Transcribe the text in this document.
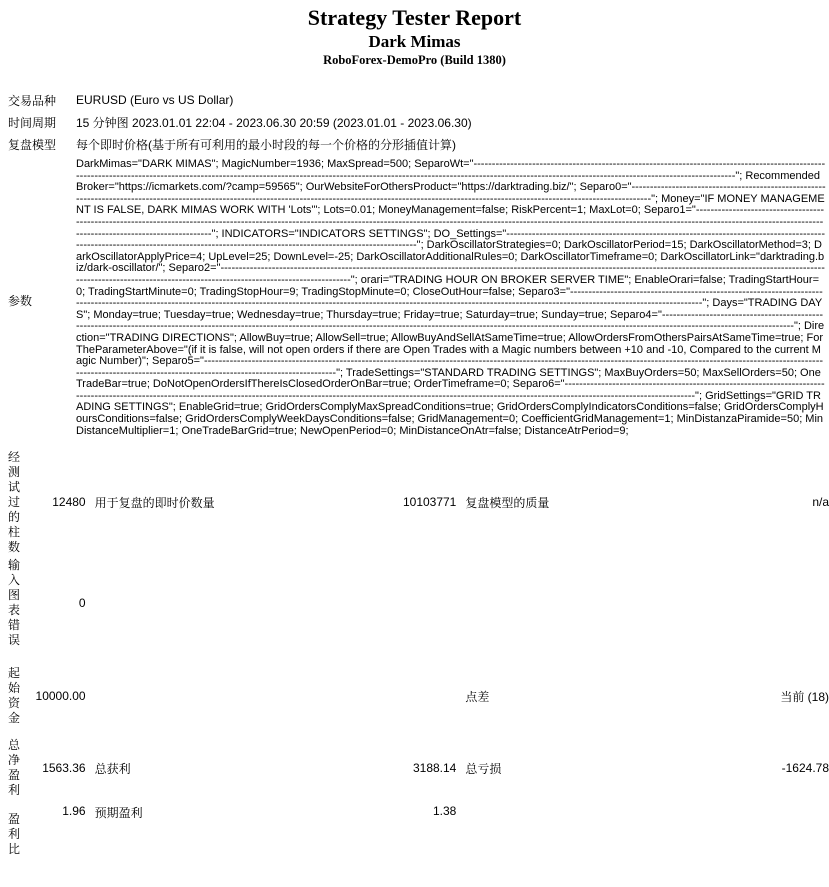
Strategy Tester Report
Dark Mimas
RoboForex-DemoPro (Build 1380)
交易品种	EURUSD (Euro vs US Dollar)
时间周期	15 分钟图 2023.01.01 22:04 - 2023.06.30 20:59 (2023.01.01 - 2023.06.30)
复盘模型	每个即时价格(基于所有可利用的最小时段的每一个价格的分形插值计算)
参数	DarkMimas="DARK MIMAS"; MagicNumber=1936; MaxSpread=500; SeparoWt="------------------------------------------------------------------------------------------------------------------------------------------------------------------------------------------------------------------------------------------------------------------------------------"; RecommendedBroker="https://icmarkets.com/?camp=59565"; OurWebsiteForOthersProduct="https://darktrading.biz/"; Separo0="------------------------------------------------------------------------------------------------------------------------------------------------------------------------------------------------------------------"; Money="IF MONEY MANAGEMENT IS FALSE, DARK MIMAS WORK WITH 'Lots'"; Lots=0.01; MoneyManagement=false; RiskPercent=1; MaxLot=0; Separo1="------------------------------------------------------------------------------------------------------------------------------------------------------------------------------------------------------------------------------------------------------------------------------------"; INDICATORS="INDICATORS SETTINGS"; DO_Settings="------------------------------------------------------------------------------------------------------------------------------------------------------------------------------------"; DarkOscillatorStrategies=0; DarkOscillatorPeriod=15; DarkOscillatorMethod=3; DarkOscillatorApplyPrice=4; UpLevel=25; DownLevel=-25; DarkOscillatorAdditionalRules=0; DarkOscillatorTimeframe=0; DarkOscillatorLink="darktrading.biz/dark-oscillator/"; Separo2="------------------------------------------------------------------------------------------------------------------------------------------------------------------------------------------------------------------------------------------------"; orari="TRADING HOUR ON BROKER SERVER TIME"; EnableOrari=false; TradingStartHour=0; TradingStartMinute=0; TradingStopHour=9; TradingStopMinute=0; CloseOutHour=false; Separo3="------------------------------------------------------------------------------------------------------------------------------------------------------------------------------------------------------------------------------------------------"; Days="TRADING DAYS"; Monday=true; Tuesday=true; Wednesday=true; Thursday=true; Friday=true; Saturday=true; Sunday=true; Separo4="------------------------------------------------------------------------------------------------------------------------------------------------------------------------------------------------------------------------------------------------"; Direction="TRADING DIRECTIONS"; AllowBuy=true; AllowSell=true; AllowBuyAndSellAtSameTime=true; AllowOrdersFromOthersPairsAtSameTime=true; ForTheParameterAbove="(if it is false, will not open orders if there are Open Trades with a Magic numbers between +10 and -10, Compared to the current Magic Number)"; Separo5="------------------------------------------------------------------------------------------------------------------------------------------------------------------------------------------------------------------------------------------------"; TradeSettings="STANDARD TRADING SETTINGS"; MaxBuyOrders=50; MaxSellOrders=50; OneTradeBar=true; DoNotOpenOrdersIfThereIsClosedOrderOnBar=true; OrderTimeframe=0; Separo6="------------------------------------------------------------------------------------------------------------------------------------------------------------------------------------------------------------------------------------------------"; GridSettings="GRID TRADING SETTINGS"; EnableGrid=true; GridOrdersComplyMaxSpreadConditions=true; GridOrdersComplyIndicatorsConditions=false; GridOrdersComplyHoursConditions=false; GridOrdersComplyWeekDaysConditions=false; GridManagement=0; CoefficientGridManagement=1; MinDistanzaPiramide=50; MinDistanceMultiplier=1; OneTradeBarGrid=true; NewOpenPeriod=0; MinDistanceOnAtr=false; DistanceAtrPeriod=9;
经测试过的柱数	12480	用于复盘的即时价数量	10103771	复盘模型的质量	n/a
输入图表错误	0				

起始资金	10000.00			点差	当前 (18)

总净盈利	1563.36	总获利	3188.14	总亏损	-1624.78
盈利比	1.96	预期盈利	1.38		
